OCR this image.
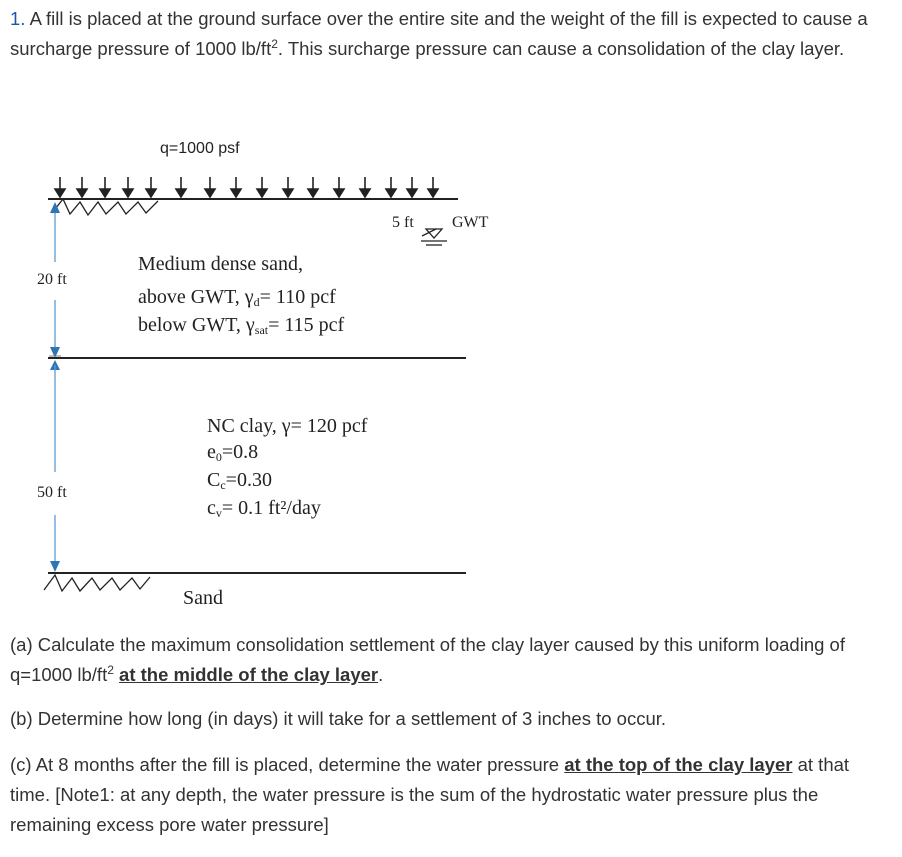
1. A fill is placed at the ground surface over the entire site and the weight of the fill is expected to cause a surcharge pressure of 1000 $lb/ft^2$. This surcharge pressure can cause a consolidation of the clay layer.
q=1000 psf
5 ft GWT
20 ft
Medium dense sand,
above GWT, γd= 110 pcf
below GWT, γsat= 115 pcf
50 ft
NC clay, γ= 120 pcf
e0=0.8
Cc=0.30
cv= 0.1 ft²/day
Sand
(a) Calculate the maximum consolidation settlement of the clay layer caused by this uniform loading of q=1000 $lb/ft^2$ at the middle of the clay layer.
(b) Determine how long (in days) it will take for a settlement of 3 inches to occur.
(c) At 8 months after the fill is placed, determine the water pressure at the top of the clay layer at that time. [Note1: at any depth, the water pressure is the sum of the hydrostatic water pressure plus the remaining excess pore water pressure]
